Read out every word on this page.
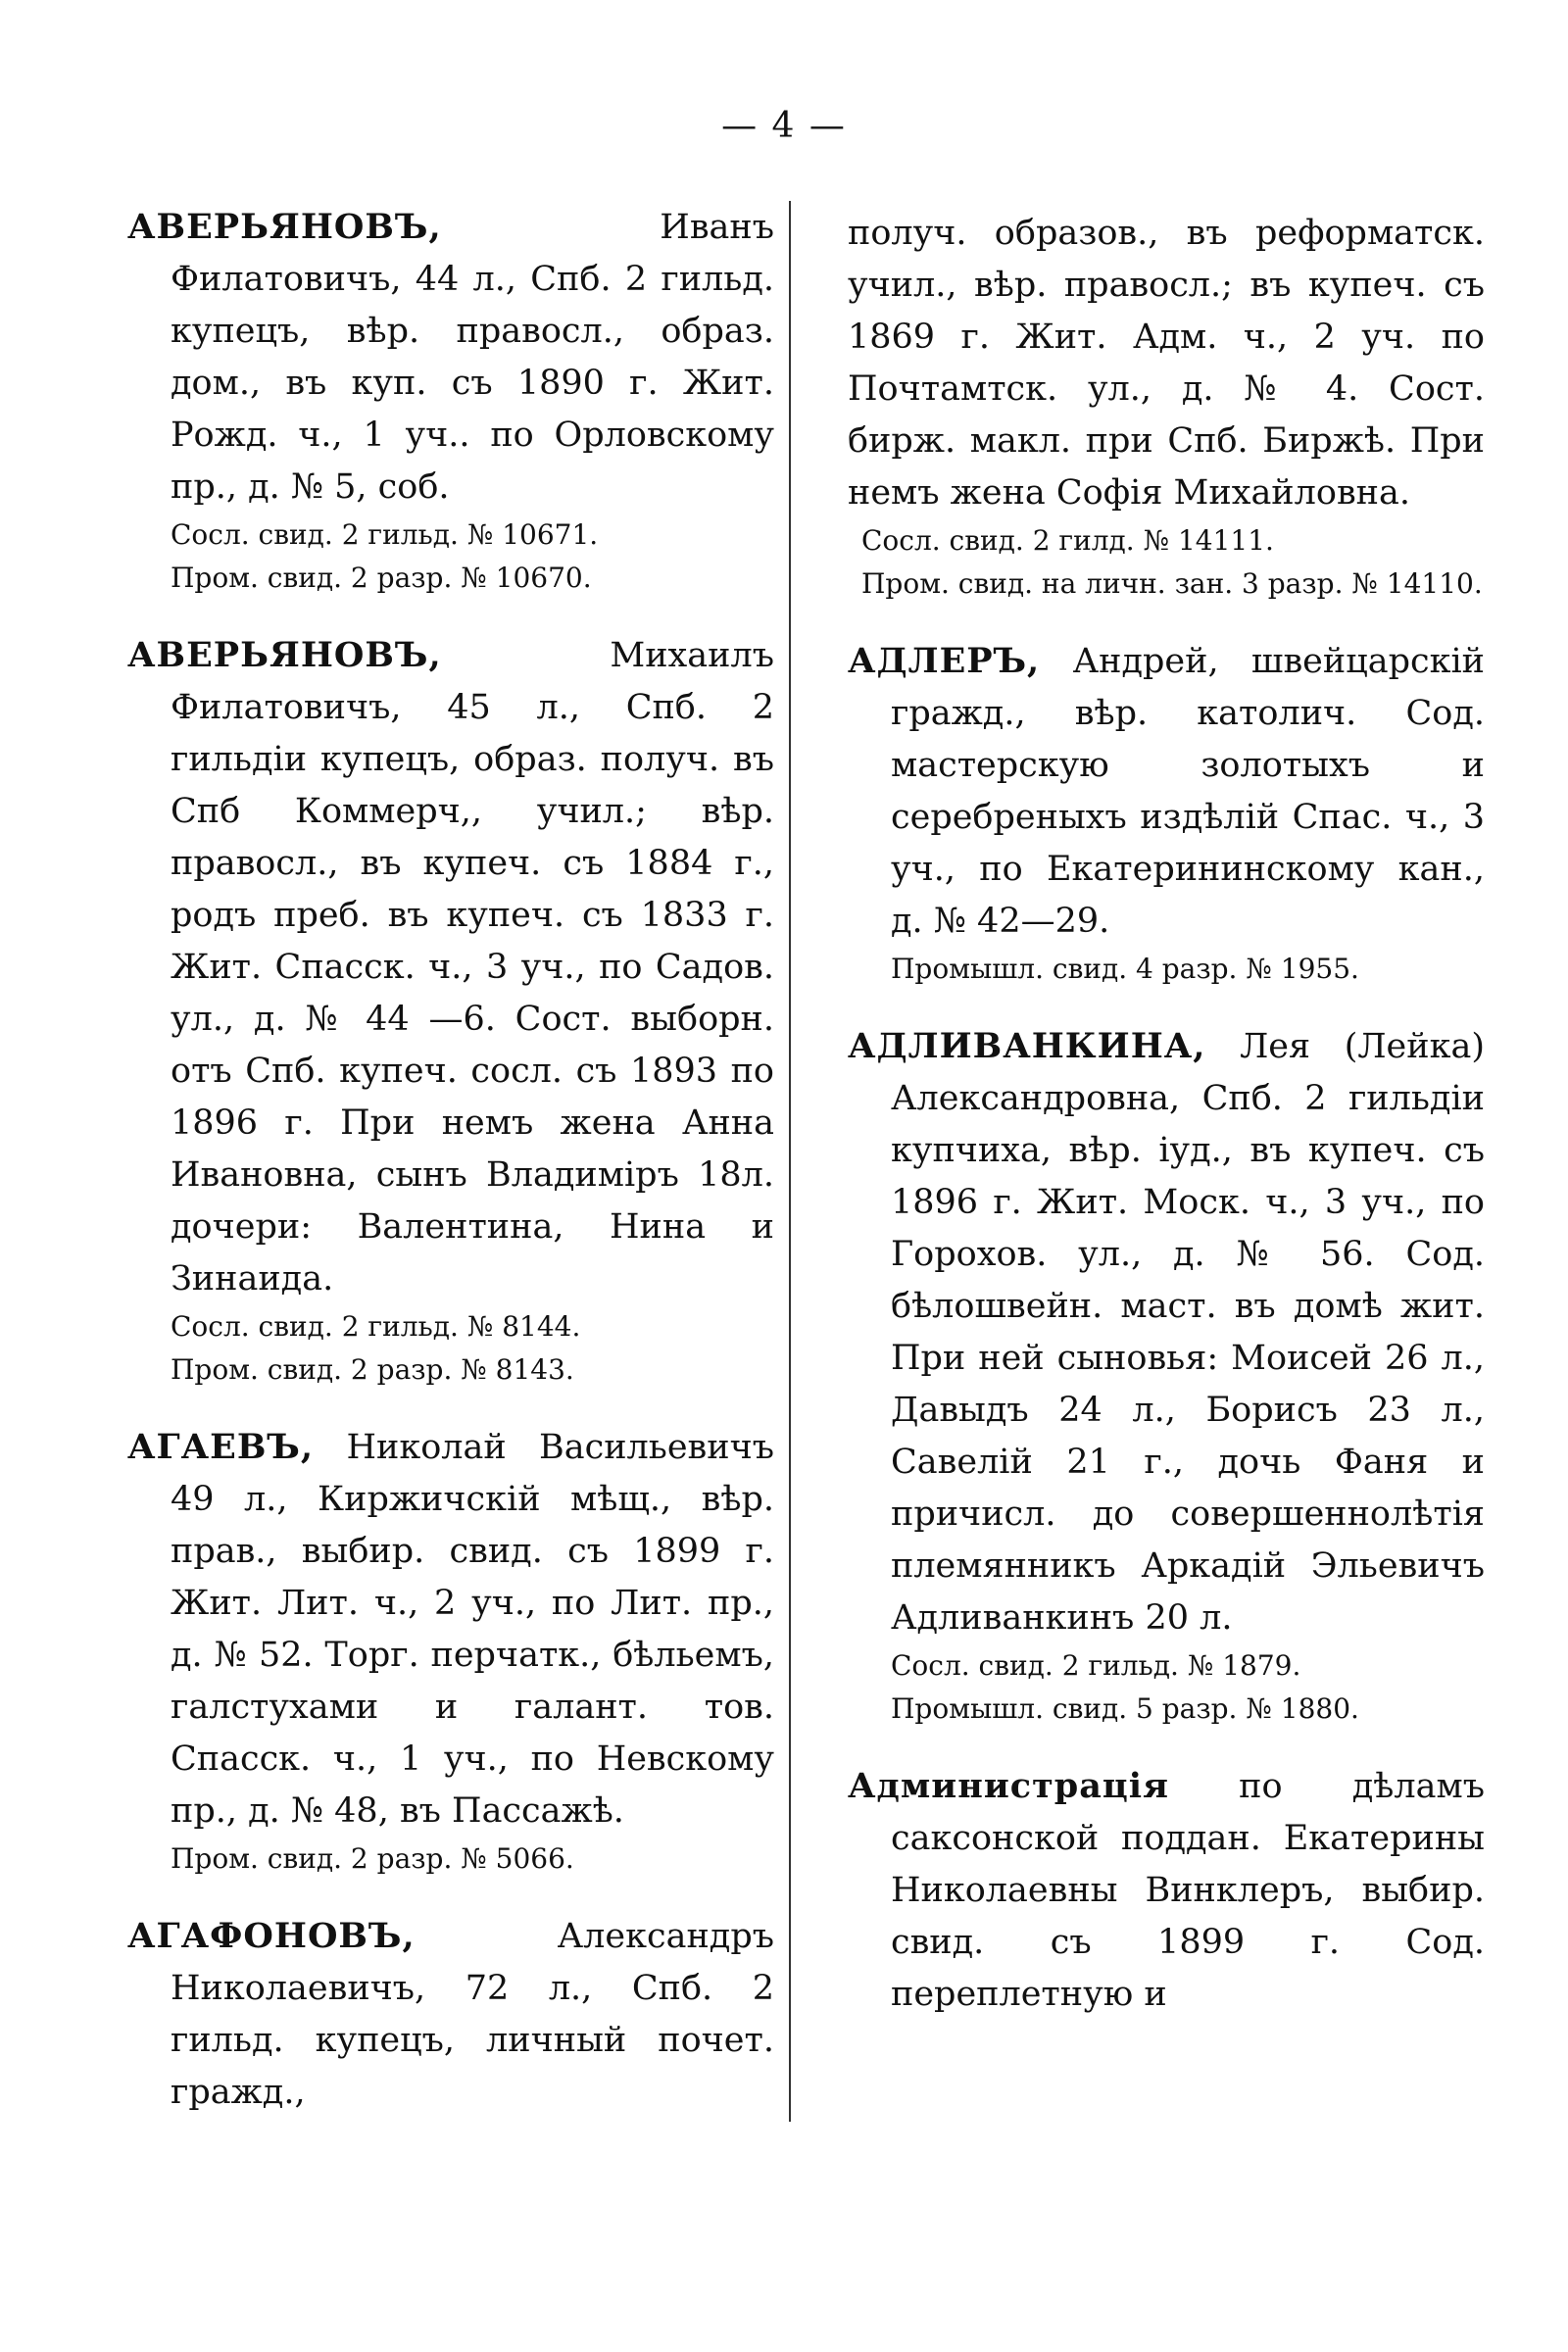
— 4 —
АВЕРЬЯНОВЪ,	Иванъ Филатовичъ, 44 л., Спб. 2 гильд. купецъ, вѣр. правосл., образ. дом., въ куп. съ 1890 г. Жит. Рожд. ч., 1 уч.. по Орловскому пр., д. № 5, соб.

Сосл. свид. 2 гильд. № 10671.

Пром. свид. 2 разр. № 10670.

АВЕРЬЯНОВЪ,	Михаилъ Филатовичъ, 45 л., Спб. 2 гильдіи купецъ, образ. получ. въ Спб Коммерч,, учил.; вѣр. правосл., въ купеч. съ 1884 г., родъ преб. въ купеч. съ 1833 г. Жит. Спасск. ч., 3 уч., по Садов. ул., д. № 44 —6. Сост. выборн. отъ Спб. купеч. сосл. съ 1893 по 1896 г. При немъ жена Анна Ивановна, сынъ Владиміръ 18л. дочери: Валентина, Нина и Зинаида.

Сосл. свид. 2 гильд. № 8144.

Пром. свид. 2 разр. № 8143.

АГАЕВЪ, Николай Васильевичъ 49 л., Киржичскій мѣщ., вѣр. прав., выбир. свид. съ 1899 г. Жит. Лит. ч., 2 уч., по Лит. пр., д. № 52. Торг. перчатк., бѣльемъ, галстухами и галант. тов. Спасск. ч., 1 уч., по Невскому пр., д. № 48, въ Пассажѣ.

Пром. свид. 2 разр. № 5066.

АГАФОНОВЪ,	Александръ Николаевичъ, 72 л., Спб. 2 гильд. купецъ, личный почет. гражд.,
получ. образов., въ реформатск. учил., вѣр. правосл.; въ купеч. съ 1869 г. Жит. Адм. ч., 2 уч. по Почтамтск. ул., д. № 4. Сост. бирж. макл. при Спб. Биржѣ. При немъ жена Софія Михайловна.

Сосл. свид. 2 гилд. № 14111.

Пром. свид. на личн. зан. 3 разр. № 14110.

АДЛЕРЪ, Андрей, швейцарскій гражд., вѣр. католич. Сод. мастерскую золотыхъ и серебреныхъ издѣлій Спас. ч., 3 уч., по Екатерининскому кан., д. № 42—29.

Промышл. свид. 4 разр. № 1955.

АДЛИВАНКИНА, Лея (Лейка) Александровна, Спб. 2 гильдіи купчиха, вѣр. іуд., въ купеч. съ 1896 г. Жит. Моск. ч., 3 уч., по Горохов. ул., д. № 56. Сод. бѣлошвейн. маст. въ домѣ жит. При ней сыновья: Моисей 26 л., Давыдъ 24 л., Борисъ 23 л., Савелій 21 г., дочь Фаня и причисл. до совершеннолѣтія племянникъ Аркадій Эльевичъ Адливанкинъ 20 л.

Сосл. свид. 2 гильд. № 1879.

Промышл. свид. 5 разр. № 1880.

Администрація по дѣламъ саксонской поддан. Екатерины Николаевны Винклеръ, выбир. свид. съ 1899 г. Сод. переплетную и
